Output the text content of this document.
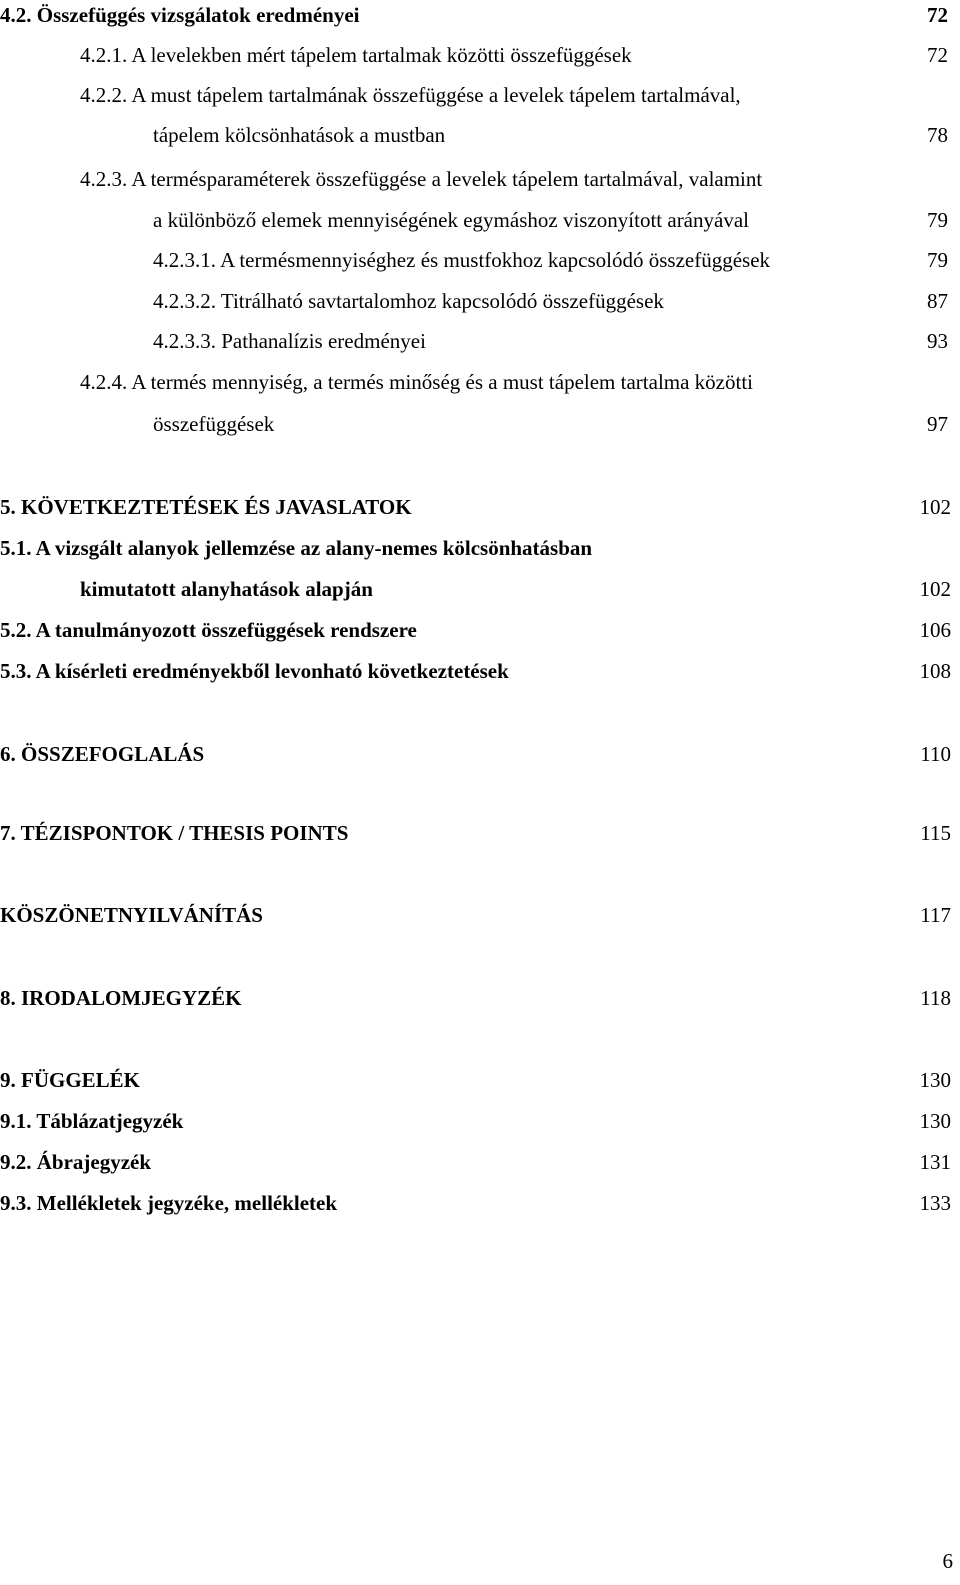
4.2. Összefüggés vizsgálatok eredményei	72
4.2.1. A levelekben mért tápelem tartalmak közötti összefüggések	72
4.2.2. A must tápelem tartalmának összefüggése a levelek tápelem tartalmával,
tápelem kölcsönhatások a mustban	78
4.2.3. A termésparaméterek összefüggése a levelek tápelem tartalmával, valamint
a különböző elemek mennyiségének egymáshoz viszonyított arányával	79
4.2.3.1. A termésmennyiséghez és mustfokhoz kapcsolódó összefüggések	79
4.2.3.2. Titrálható savtartalomhoz kapcsolódó összefüggések	87
4.2.3.3. Pathanalízis eredményei	93
4.2.4. A termés mennyiség, a termés minőség és a must tápelem tartalma közötti
összefüggések	97
5. KÖVETKEZTETÉSEK ÉS JAVASLATOK	102
5.1. A vizsgált alanyok jellemzése az alany-nemes kölcsönhatásban
kimutatott alanyhatások alapján	102
5.2. A tanulmányozott összefüggések rendszere	106
5.3. A kísérleti eredményekből levonható következtetések	108
6. ÖSSZEFOGLALÁS	110
7. TÉZISPONTOK / THESIS POINTS	115
KÖSZÖNETNYILVÁNÍTÁS	117
8. IRODALOMJEGYZÉK	118
9. FÜGGELÉK	130
9.1. Táblázatjegyzék	130
9.2. Ábrajegyzék	131
9.3. Mellékletek jegyzéke, mellékletek	133
6
